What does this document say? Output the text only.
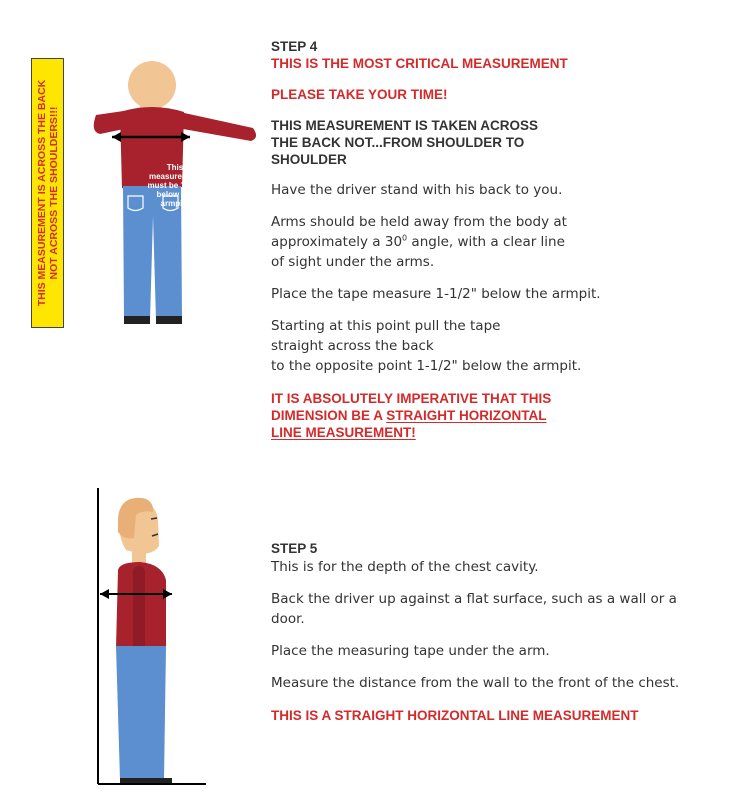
THIS MEASUREMENT IS ACROSS THE BACK NOT ACROSS THE SHOULDERS!!!	This
measurement
must be 1-1/2"
below the
armpits

STEP 4

THIS IS THE MOST CRITICAL MEASUREMENT

PLEASE TAKE YOUR TIME!

THIS MEASUREMENT IS TAKEN ACROSS
THE BACK NOT...FROM SHOULDER TO
SHOULDER

Have the driver stand with his back to you.

Arms should be held away from the body at
approximately a $30^0$ angle, with a clear line
of sight under the arms.

Place the tape measure 1-1/2" below the armpit.

Starting at this point pull the tape
straight across the back
to the opposite point 1-1/2" below the armpit.
IT IS ABSOLUTELY IMPERATIVE THAT THIS
DIMENSION BE A STRAIGHT HORIZONTAL
LINE MEASUREMENT!

STEP 5

This is for the depth of the chest cavity.

Back the driver up against a flat surface, such as a wall or a
door.

Place the measuring tape under the arm.

Measure the distance from the wall to the front of the chest.

THIS IS A STRAIGHT HORIZONTAL LINE MEASUREMENT
